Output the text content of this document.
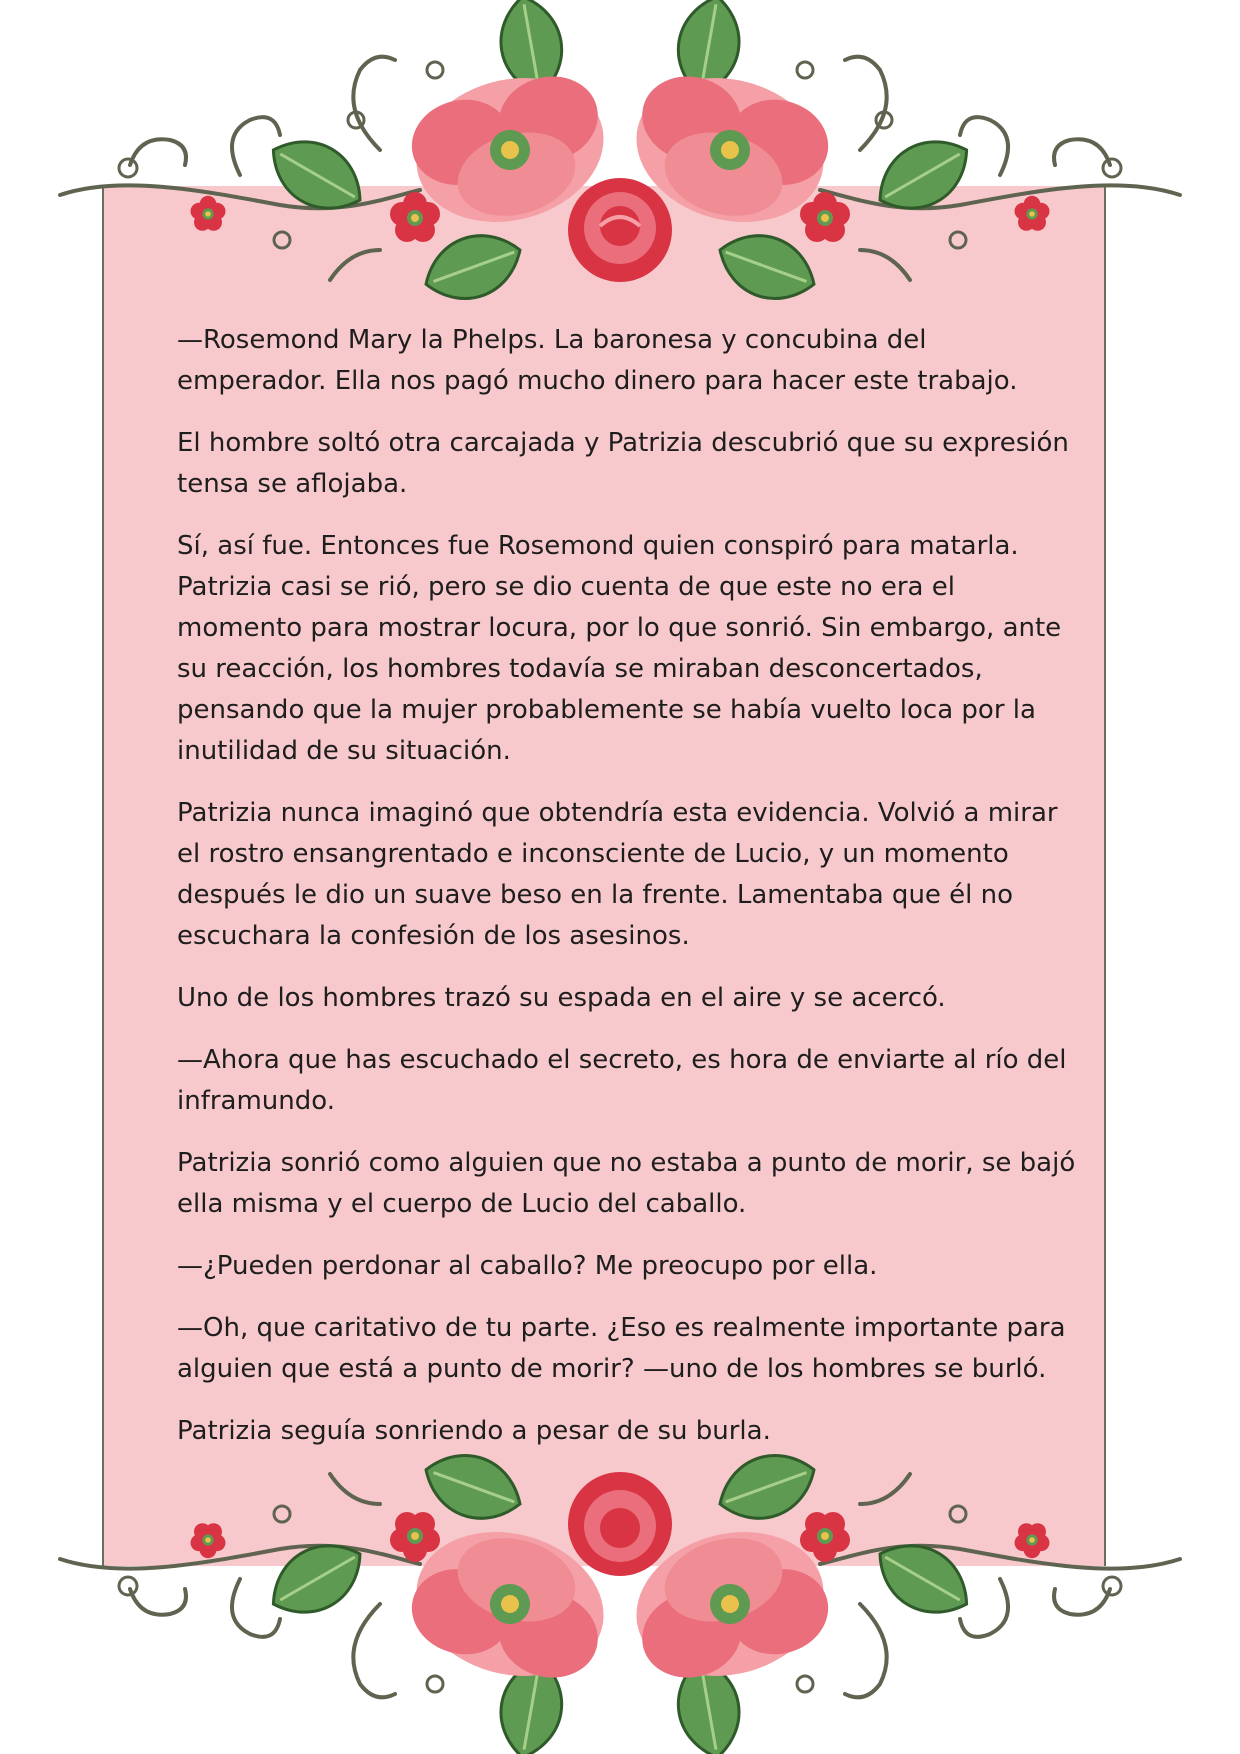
—Rosemond Mary la Phelps. La baronesa y concubina del emperador. Ella nos pagó mucho dinero para hacer este trabajo.

El hombre soltó otra carcajada y Patrizia descubrió que su expresión tensa se aflojaba.

Sí, así fue. Entonces fue Rosemond quien conspiró para matarla. Patrizia casi se rió, pero se dio cuenta de que este no era el momento para mostrar locura, por lo que sonrió. Sin embargo, ante su reacción, los hombres todavía se miraban desconcertados, pensando que la mujer probablemente se había vuelto loca por la inutilidad de su situación.

Patrizia nunca imaginó que obtendría esta evidencia. Volvió a mirar el rostro ensangrentado e inconsciente de Lucio, y un momento después le dio un suave beso en la frente. Lamentaba que él no escuchara la confesión de los asesinos.

Uno de los hombres trazó su espada en el aire y se acercó.

—Ahora que has escuchado el secreto, es hora de enviarte al río del inframundo.

Patrizia sonrió como alguien que no estaba a punto de morir, se bajó ella misma y el cuerpo de Lucio del caballo.

—¿Pueden perdonar al caballo? Me preocupo por ella.

—Oh, que caritativo de tu parte. ¿Eso es realmente importante para alguien que está a punto de morir? —uno de los hombres se burló.

Patrizia seguía sonriendo a pesar de su burla.
